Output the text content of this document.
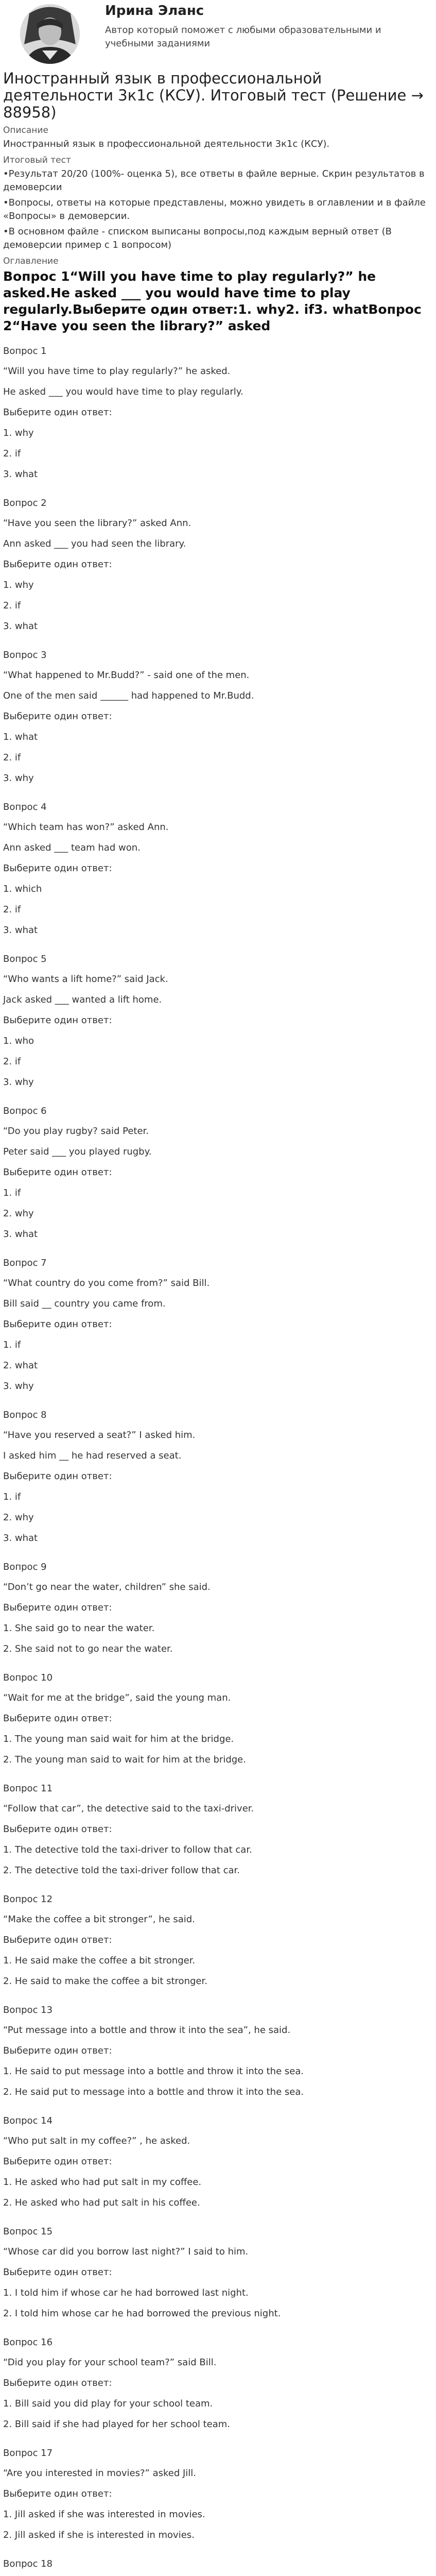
Ирина Эланс
Автор который поможет с любыми образовательными и учебными заданиями
Иностранный язык в профессиональной деятельности 3к1с (КСУ). Итоговый тест (Решение → 88958)
Описание

Иностранный язык в профессиональной деятельности 3к1с (КСУ).

Итоговый тест

•Результат 20/20 (100%- оценка 5), все ответы в файле верные. Скрин результатов в демоверсии

•Вопросы, ответы на которые представлены, можно увидеть в оглавлении и в файле «Вопросы» в демоверсии.

•В основном файле - списком выписаны вопросы,под каждым верный ответ (В демоверсии пример с 1 вопросом)

Оглавление
Вопрос 1“Will you have time to play regularly?” he asked.He asked ___ you would have time to play regularly.Выберите один ответ:1. why2. if3. whatВопрос 2“Have you seen the library?” asked
Вопрос 1
“Will you have time to play regularly?” he asked.
He asked ___ you would have time to play regularly.
Выберите один ответ:
1. why
2. if
3. what
Вопрос 2
“Have you seen the library?” asked Ann.
Ann asked ___ you had seen the library.
Выберите один ответ:
1. why
2. if
3. what
Вопрос 3
“What happened to Mr.Budd?” - said one of the men.
One of the men said ______ had happened to Mr.Budd.
Выберите один ответ:
1. what
2. if
3. why
Вопрос 4
“Which team has won?” asked Ann.
Ann asked ___ team had won.
Выберите один ответ:
1. which
2. if
3. what
Вопрос 5
“Who wants a lift home?” said Jack.
Jack asked ___ wanted a lift home.
Выберите один ответ:
1. who
2. if
3. why
Вопрос 6
“Do you play rugby? said Peter.
Peter said ___ you played rugby.
Выберите один ответ:
1. if
2. why
3. what
Вопрос 7
“What country do you come from?” said Bill.
Bill said __ country you came from.
Выберите один ответ:
1. if
2. what
3. why
Вопрос 8
“Have you reserved a seat?” I asked him.
I asked him __ he had reserved a seat.
Выберите один ответ:
1. if
2. why
3. what
Вопрос 9
“Don’t go near the water, children” she said.
Выберите один ответ:
1. She said go to near the water.
2. She said not to go near the water.
Вопрос 10
“Wait for me at the bridge”, said the young man.
Выберите один ответ:
1. The young man said wait for him at the bridge.
2. The young man said to wait for him at the bridge.
Вопрос 11
“Follow that car”, the detective said to the taxi-driver.
Выберите один ответ:
1. The detective told the taxi-driver to follow that car.
2. The detective told the taxi-driver follow that car.
Вопрос 12
“Make the coffee a bit stronger”, he said.
Выберите один ответ:
1. He said make the coffee a bit stronger.
2. He said to make the coffee a bit stronger.
Вопрос 13
“Put message into a bottle and throw it into the sea”, he said.
Выберите один ответ:
1. He said to put message into a bottle and throw it into the sea.
2. He said put to message into a bottle and throw it into the sea.
Вопрос 14
“Who put salt in my coffee?” , he asked.
Выберите один ответ:
1. He asked who had put salt in my coffee.
2. He asked who had put salt in his coffee.
Вопрос 15
“Whose car did you borrow last night?” I said to him.
Выберите один ответ:
1. I told him if whose car he had borrowed last night.
2. I told him whose car he had borrowed the previous night.
Вопрос 16
“Did you play for your school team?” said Bill.
Выберите один ответ:
1. Bill said you did play for your school team.
2. Bill said if she had played for her school team.
Вопрос 17
“Are you interested in movies?” asked Jill.
Выберите один ответ:
1. Jill asked if she was interested in movies.
2. Jill asked if she is interested in movies.
Вопрос 18
